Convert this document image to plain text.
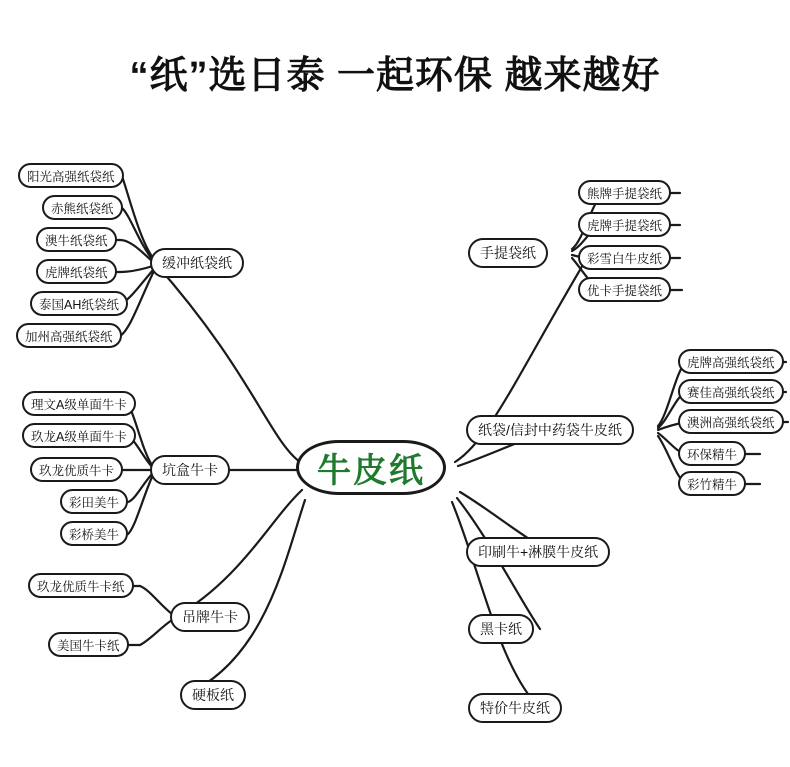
“纸”选日泰 一起环保 越来越好
牛皮纸
缓冲纸袋纸
阳光高强纸袋纸
赤熊纸袋纸
澳牛纸袋纸
虎牌纸袋纸
泰国AH纸袋纸
加州高强纸袋纸
坑盒牛卡
理文A级单面牛卡
玖龙A级单面牛卡
玖龙优质牛卡
彩田美牛
彩桥美牛
吊牌牛卡
玖龙优质牛卡纸
美国牛卡纸
硬板纸
手提袋纸
熊牌手提袋纸
虎牌手提袋纸
彩雪白牛皮纸
优卡手提袋纸
纸袋/信封中药袋牛皮纸
虎牌高强纸袋纸
赛佳高强纸袋纸
澳洲高强纸袋纸
环保精牛
彩竹精牛
印刷牛+淋膜牛皮纸
黑卡纸
特价牛皮纸
